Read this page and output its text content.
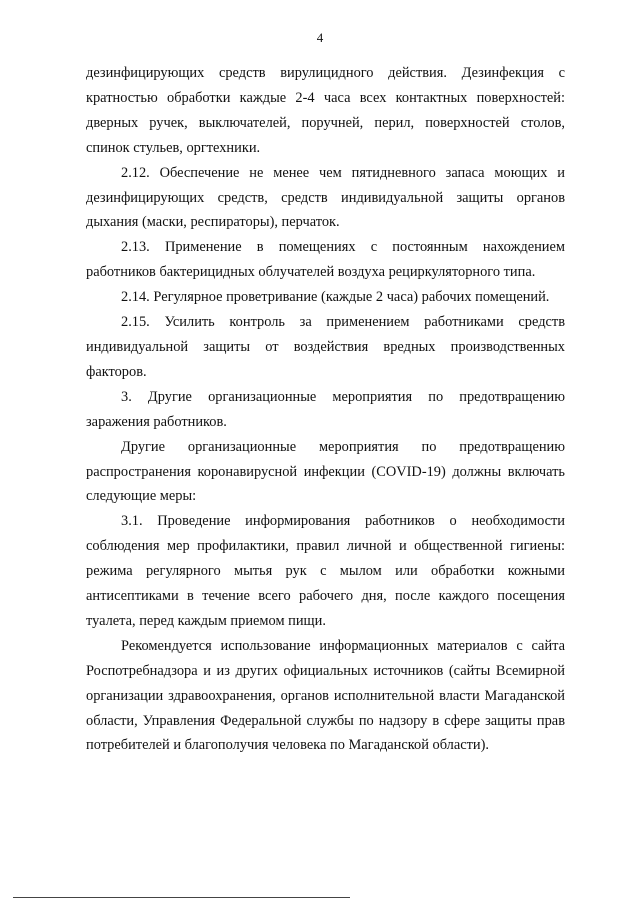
4

дезинфицирующих средств вирулицидного действия. Дезинфекция с кратностью обработки каждые 2-4 часа всех контактных поверхностей: дверных ручек, выключателей, поручней, перил, поверхностей столов, спинок стульев, оргтехники.

2.12. Обеспечение не менее чем пятидневного запаса моющих и дезинфицирующих средств, средств индивидуальной защиты органов дыхания (маски, респираторы), перчаток.

2.13. Применение в помещениях с постоянным нахождением работников бактерицидных облучателей воздуха рециркуляторного типа.

2.14. Регулярное проветривание (каждые 2 часа) рабочих помещений.

2.15. Усилить контроль за применением работниками средств индивидуальной защиты от воздействия вредных производственных факторов.

3. Другие организационные мероприятия по предотвращению заражения работников.

Другие организационные мероприятия по предотвращению распространения коронавирусной инфекции (COVID-19) должны включать следующие меры:

3.1. Проведение информирования работников о необходимости соблюдения мер профилактики, правил личной и общественной гигиены: режима регулярного мытья рук с мылом или обработки кожными антисептиками в течение всего рабочего дня, после каждого посещения туалета, перед каждым приемом пищи.

Рекомендуется использование информационных материалов с сайта Роспотребнадзора и из других официальных источников (сайты Всемирной организации здравоохранения, органов исполнительной власти Магаданской области, Управления Федеральной службы по надзору в сфере защиты прав потребителей и благополучия человека по Магаданской области).
